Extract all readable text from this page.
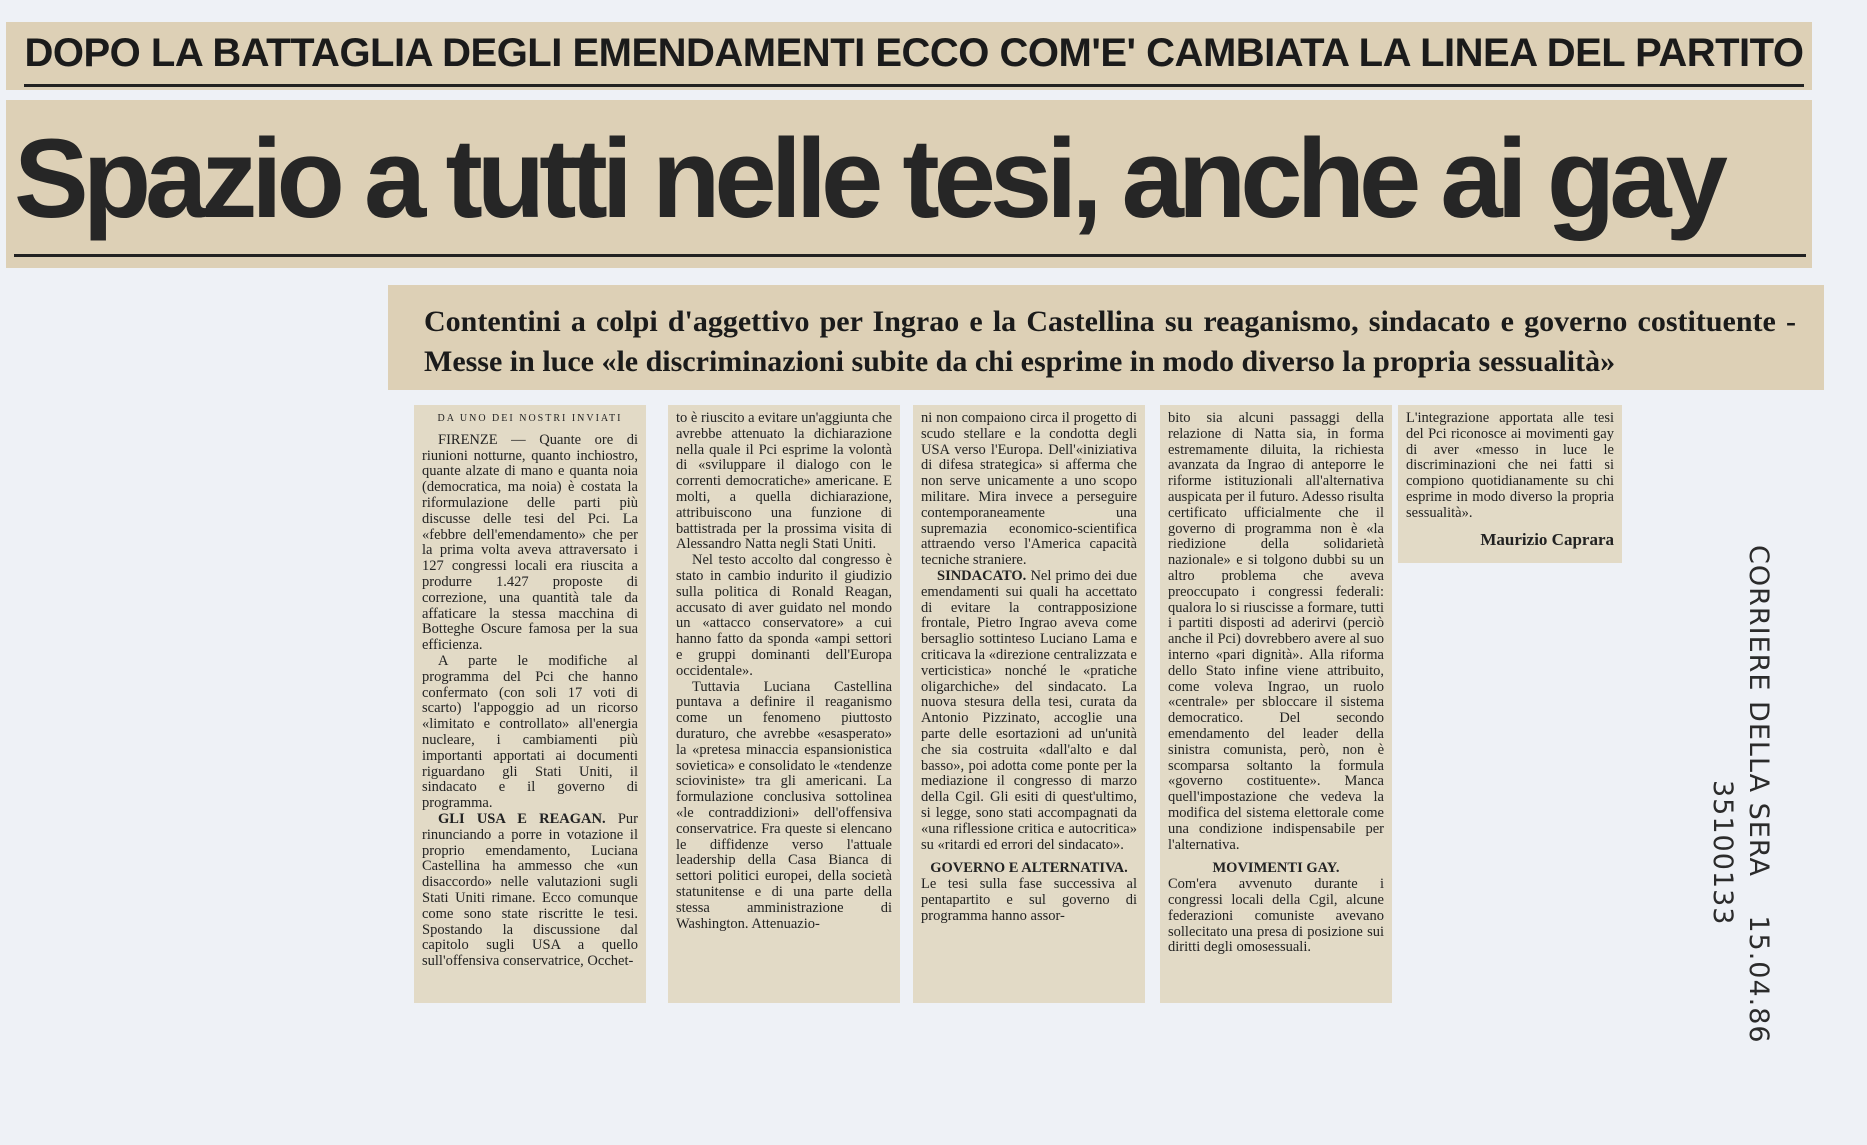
DOPO LA BATTAGLIA DEGLI EMENDAMENTI ECCO COM'E' CAMBIATA LA LINEA DEL PARTITO
Spazio a tutti nelle tesi, anche ai gay
Contentini a colpi d'aggettivo per Ingrao e la Castellina su reaganismo, sindacato e governo costituente - Messe in luce «le discriminazioni subite da chi esprime in modo diverso la propria sessualità»

DA UNO DEI NOSTRI INVIATI

FIRENZE — Quante ore di riunioni notturne, quanto inchiostro, quante alzate di mano e quanta noia (democratica, ma noia) è costata la riformulazione delle parti più discusse delle tesi del Pci. La «febbre dell'emendamento» che per la prima volta aveva attraversato i 127 congressi locali era riuscita a produrre 1.427 proposte di correzione, una quantità tale da affaticare la stessa macchina di Botteghe Oscure famosa per la sua efficienza.

A parte le modifiche al programma del Pci che hanno confermato (con soli 17 voti di scarto) l'appoggio ad un ricorso «limitato e controllato» all'energia nucleare, i cambiamenti più importanti apportati ai documenti riguardano gli Stati Uniti, il sindacato e il governo di programma.

GLI USA E REAGAN. Pur rinunciando a porre in votazione il proprio emendamento, Luciana Castellina ha ammesso che «un disaccordo» nelle valutazioni sugli Stati Uniti rimane. Ecco comunque come sono state riscritte le tesi. Spostando la discussione dal capitolo sugli USA a quello sull'offensiva conservatrice, Occhet-

to è riuscito a evitare un'aggiunta che avrebbe attenuato la dichiarazione nella quale il Pci esprime la volontà di «sviluppare il dialogo con le correnti democratiche» americane. E molti, a quella dichiarazione, attribuiscono una funzione di battistrada per la prossima visita di Alessandro Natta negli Stati Uniti.

Nel testo accolto dal congresso è stato in cambio indurito il giudizio sulla politica di Ronald Reagan, accusato di aver guidato nel mondo un «attacco conservatore» a cui hanno fatto da sponda «ampi settori e gruppi dominanti dell'Europa occidentale».

Tuttavia Luciana Castellina puntava a definire il reaganismo come un fenomeno piuttosto duraturo, che avrebbe «esasperato» la «pretesa minaccia espansionistica sovietica» e consolidato le «tendenze scioviniste» tra gli americani. La formulazione conclusiva sottolinea «le contraddizioni» dell'offensiva conservatrice. Fra queste si elencano le diffidenze verso l'attuale leadership della Casa Bianca di settori politici europei, della società statunitense e di una parte della stessa amministrazione di Washington. Attenuazio-

ni non compaiono circa il progetto di scudo stellare e la condotta degli USA verso l'Europa. Dell'«iniziativa di difesa strategica» si afferma che non serve unicamente a uno scopo militare. Mira invece a perseguire contemporaneamente una supremazia economico-scientifica attraendo verso l'America capacità tecniche straniere.

SINDACATO. Nel primo dei due emendamenti sui quali ha accettato di evitare la contrapposizione frontale, Pietro Ingrao aveva come bersaglio sottinteso Luciano Lama e criticava la «direzione centralizzata e verticistica» nonché le «pratiche oligarchiche» del sindacato. La nuova stesura della tesi, curata da Antonio Pizzinato, accoglie una parte delle esortazioni ad un'unità che sia costruita «dall'alto e dal basso», poi adotta come ponte per la mediazione il congresso di marzo della Cgil. Gli esiti di quest'ultimo, si legge, sono stati accompagnati da «una riflessione critica e autocritica» su «ritardi ed errori del sindacato».

GOVERNO E ALTERNATIVA.
Le tesi sulla fase successiva al pentapartito e sul governo di programma hanno assor-

bito sia alcuni passaggi della relazione di Natta sia, in forma estremamente diluita, la richiesta avanzata da Ingrao di anteporre le riforme istituzionali all'alternativa auspicata per il futuro. Adesso risulta certificato ufficialmente che il governo di programma non è «la riedizione della solidarietà nazionale» e si tolgono dubbi su un altro problema che aveva preoccupato i congressi federali: qualora lo si riuscisse a formare, tutti i partiti disposti ad aderirvi (perciò anche il Pci) dovrebbero avere al suo interno «pari dignità». Alla riforma dello Stato infine viene attribuito, come voleva Ingrao, un ruolo «centrale» per sbloccare il sistema democratico. Del secondo emendamento del leader della sinistra comunista, però, non è scomparsa soltanto la formula «governo costituente». Manca quell'impostazione che vedeva la modifica del sistema elettorale come una condizione indispensabile per l'alternativa.

MOVIMENTI GAY.
Com'era avvenuto durante i congressi locali della Cgil, alcune federazioni comuniste avevano sollecitato una presa di posizione sui diritti degli omosessuali.

L'integrazione apportata alle tesi del Pci riconosce ai movimenti gay di aver «messo in luce le discriminazioni che nei fatti si compiono quotidianamente su chi esprime in modo diverso la propria sessualità».

Maurizio Caprara
CORRIERE DELLA SERA    15.04.86
35100133
